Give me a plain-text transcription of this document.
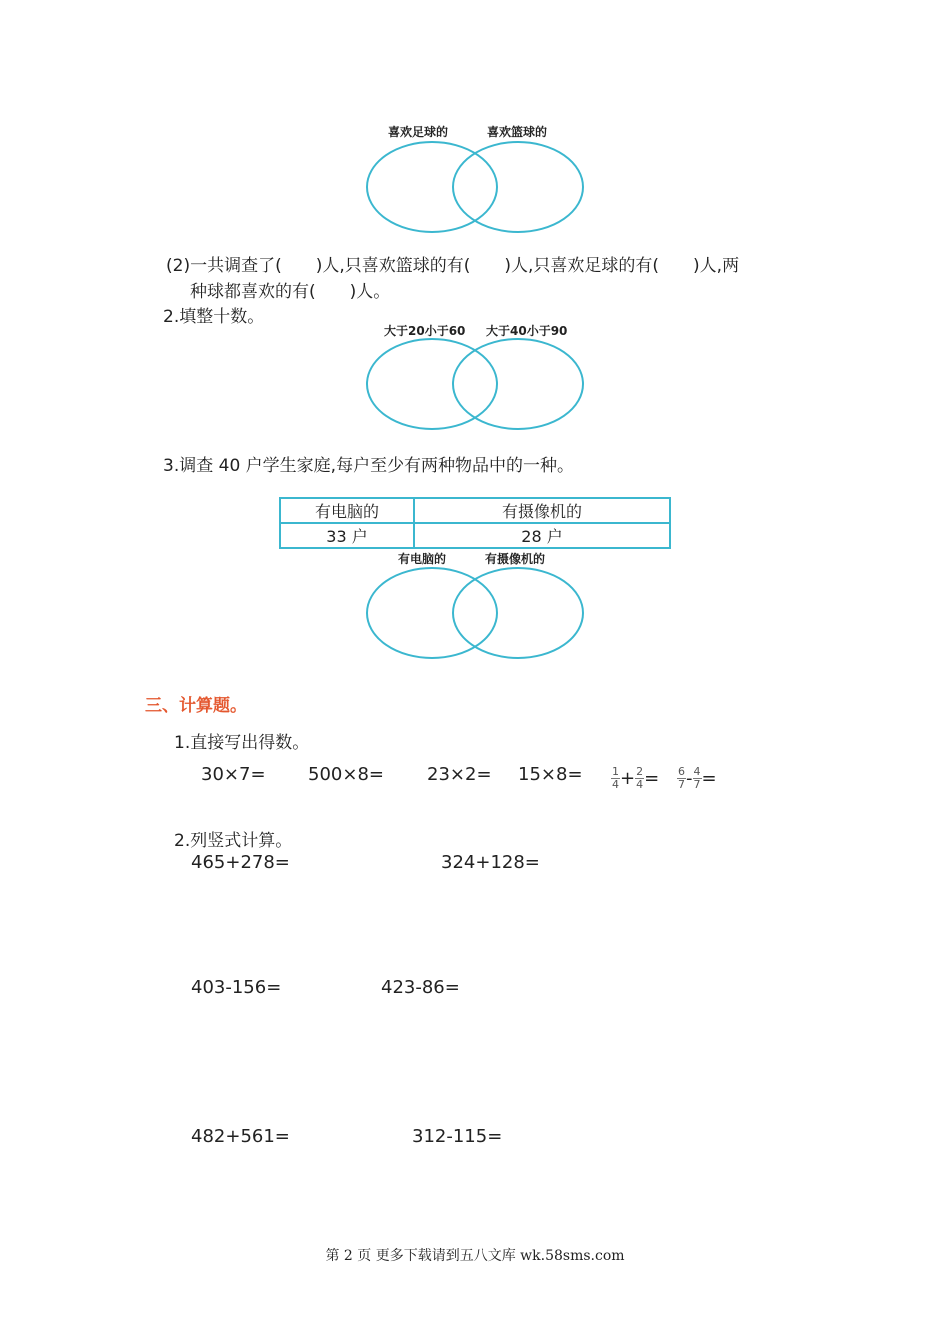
喜欢足球的	喜欢篮球的
(2)一共调查了(　　)人,只喜欢篮球的有(　　)人,只喜欢足球的有(　　)人,两
种球都喜欢的有(　　)人。
2.填整十数。
大于20小于60 大于40小于90
3.调查 40 户学生家庭,每户至少有两种物品中的一种。
有电脑的	有摄像机的
33 户	28 户
有电脑的	有摄像机的
三、计算题。
1.直接写出得数。
30×7= 500×8= 23×2= 15×8=	$\frac{1}{4} + \frac{2}{4} = \frac{6}{7} - \frac{4}{7}$ =
2.列竖式计算。
465+278=	324+128=
403-156=	423-86=
482+561=	312-115=
第 2 页 更多下载请到五八文库 wk.58sms.com
